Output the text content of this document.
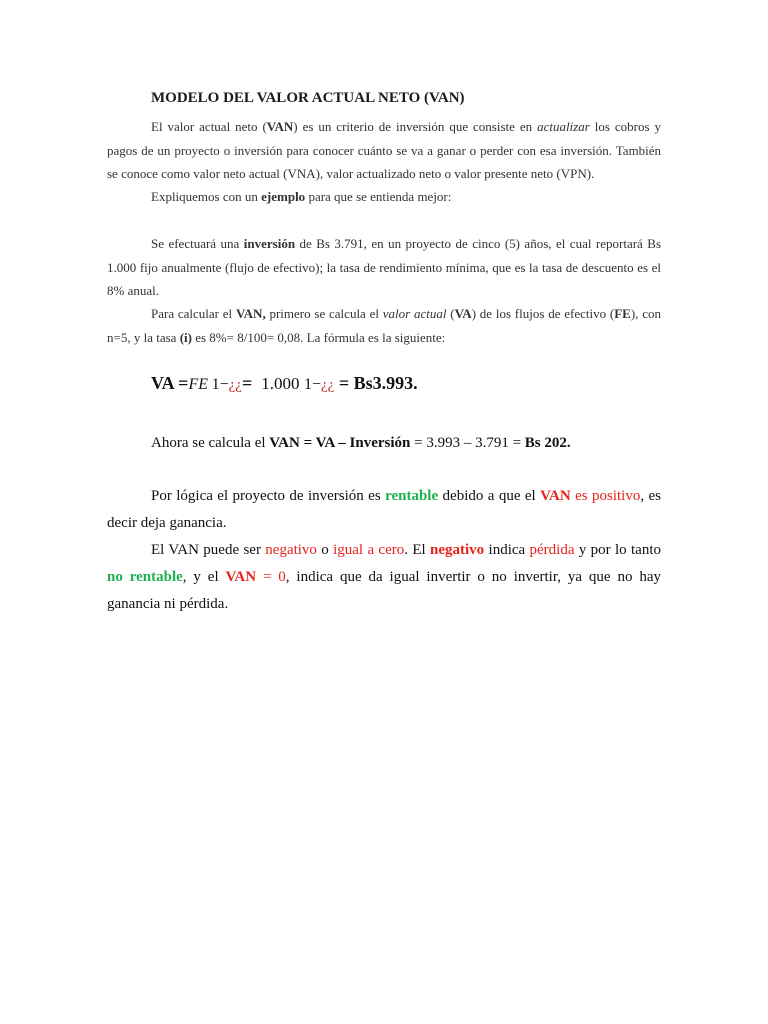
MODELO DEL VALOR ACTUAL NETO (VAN)

El valor actual neto (VAN) es un criterio de inversión que consiste en actualizar los cobros y pagos de un proyecto o inversión para conocer cuánto se va a ganar o perder con esa inversión. También se conoce como valor neto actual (VNA), valor actualizado neto o valor presente neto (VPN).

Expliquemos con un ejemplo para que se entienda mejor:

Se efectuará una inversión de Bs 3.791, en un proyecto de cinco (5) años, el cual reportará Bs 1.000 fijo anualmente (flujo de efectivo); la tasa de rendimiento mínima, que es la tasa de descuento es el 8% anual.

Para calcular el VAN, primero se calcula el valor actual (VA) de los flujos de efectivo (FE), con n=5, y la tasa (i) es 8%= 8/100= 0,08. La fórmula es la siguiente:

VA =FE  1−¿¿= 1.000 1−¿¿ = Bs3.993.

Ahora se calcula el VAN = VA – Inversión = 3.993 – 3.791 = Bs 202.

Por lógica el proyecto de inversión es rentable debido a que el VAN es positivo, es decir deja ganancia.

El VAN puede ser negativo o igual a cero. El negativo indica pérdida y por lo tanto no rentable, y el VAN = 0, indica que da igual invertir o no invertir, ya que no hay ganancia ni pérdida.
